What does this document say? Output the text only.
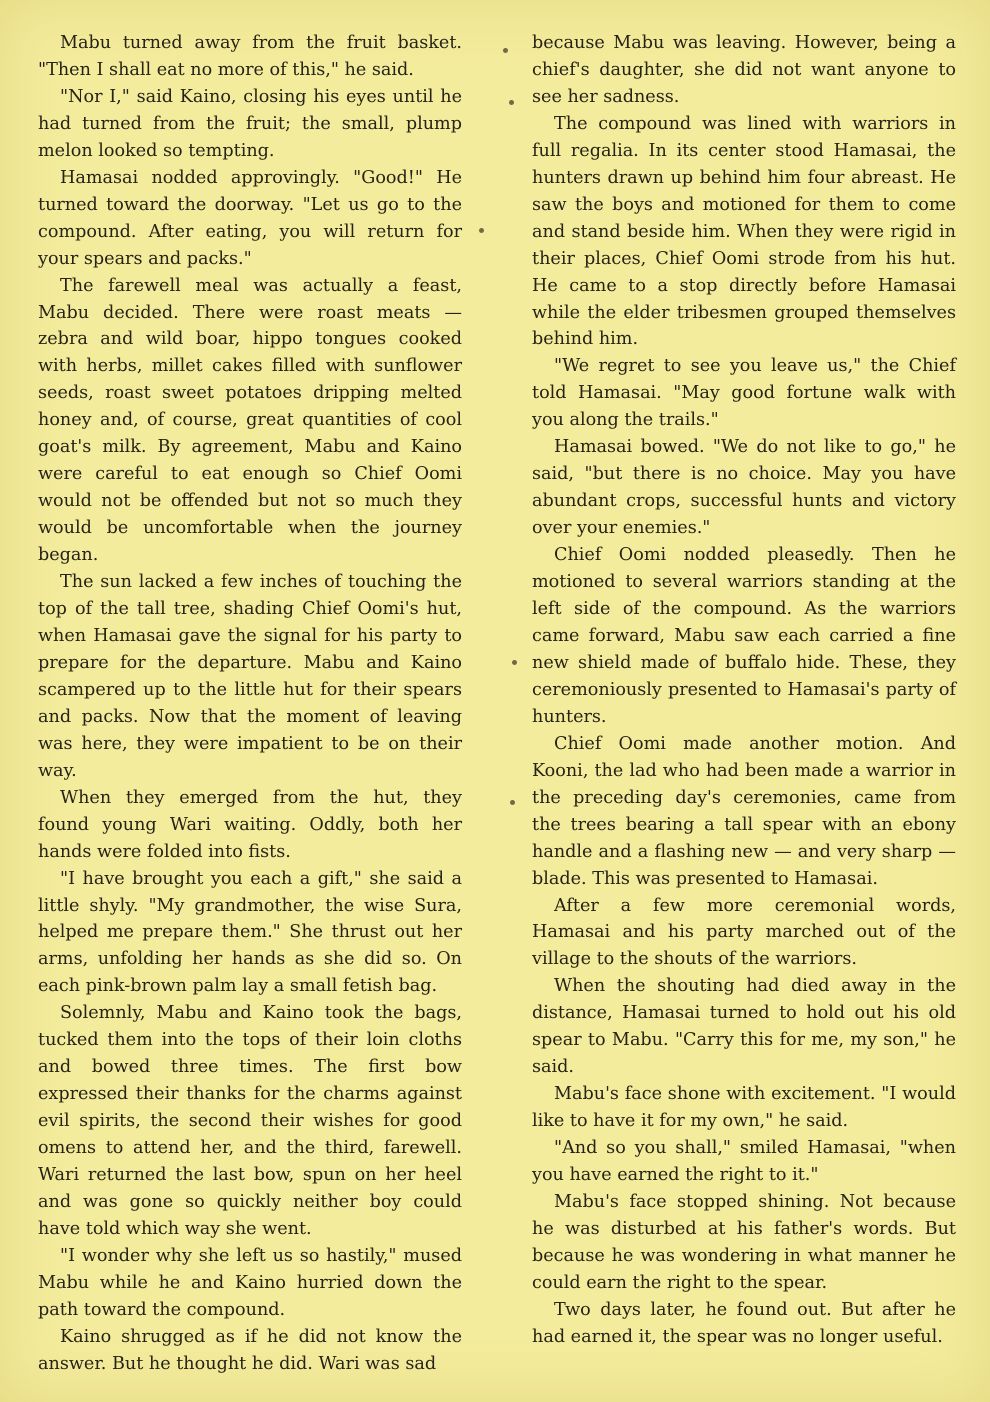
Mabu turned away from the fruit basket. "Then I shall eat no more of this," he said.

"Nor I," said Kaino, closing his eyes until he had turned from the fruit; the small, plump melon looked so tempting.

Hamasai nodded approvingly. "Good!" He turned toward the doorway. "Let us go to the compound. After eating, you will return for your spears and packs."

The farewell meal was actually a feast, Mabu decided. There were roast meats — zebra and wild boar, hippo tongues cooked with herbs, millet cakes filled with sunflower seeds, roast sweet potatoes dripping melted honey and, of course, great quantities of cool goat's milk. By agreement, Mabu and Kaino were careful to eat enough so Chief Oomi would not be offended but not so much they would be uncomfortable when the journey began.

The sun lacked a few inches of touching the top of the tall tree, shading Chief Oomi's hut, when Hamasai gave the signal for his party to prepare for the departure. Mabu and Kaino scampered up to the little hut for their spears and packs. Now that the moment of leaving was here, they were impatient to be on their way.

When they emerged from the hut, they found young Wari waiting. Oddly, both her hands were folded into fists.

"I have brought you each a gift," she said a little shyly. "My grandmother, the wise Sura, helped me prepare them." She thrust out her arms, unfolding her hands as she did so. On each pink-brown palm lay a small fetish bag.

Solemnly, Mabu and Kaino took the bags, tucked them into the tops of their loin cloths and bowed three times. The first bow expressed their thanks for the charms against evil spirits, the second their wishes for good omens to attend her, and the third, farewell. Wari returned the last bow, spun on her heel and was gone so quickly neither boy could have told which way she went.

"I wonder why she left us so hastily," mused Mabu while he and Kaino hurried down the path toward the compound.

Kaino shrugged as if he did not know the answer. But he thought he did. Wari was sad

because Mabu was leaving. However, being a chief's daughter, she did not want anyone to see her sadness.

The compound was lined with warriors in full regalia. In its center stood Hamasai, the hunters drawn up behind him four abreast. He saw the boys and motioned for them to come and stand beside him. When they were rigid in their places, Chief Oomi strode from his hut. He came to a stop directly before Hamasai while the elder tribesmen grouped themselves behind him.

"We regret to see you leave us," the Chief told Hamasai. "May good fortune walk with you along the trails."

Hamasai bowed. "We do not like to go," he said, "but there is no choice. May you have abundant crops, successful hunts and victory over your enemies."

Chief Oomi nodded pleasedly. Then he motioned to several warriors standing at the left side of the compound. As the warriors came forward, Mabu saw each carried a fine new shield made of buffalo hide. These, they ceremoniously presented to Hamasai's party of hunters.

Chief Oomi made another motion. And Kooni, the lad who had been made a warrior in the preceding day's ceremonies, came from the trees bearing a tall spear with an ebony handle and a flashing new — and very sharp — blade. This was presented to Hamasai.

After a few more ceremonial words, Hamasai and his party marched out of the village to the shouts of the warriors.

When the shouting had died away in the distance, Hamasai turned to hold out his old spear to Mabu. "Carry this for me, my son," he said.

Mabu's face shone with excitement. "I would like to have it for my own," he said.

"And so you shall," smiled Hamasai, "when you have earned the right to it."

Mabu's face stopped shining. Not because he was disturbed at his father's words. But because he was wondering in what manner he could earn the right to the spear.

Two days later, he found out. But after he had earned it, the spear was no longer useful.
